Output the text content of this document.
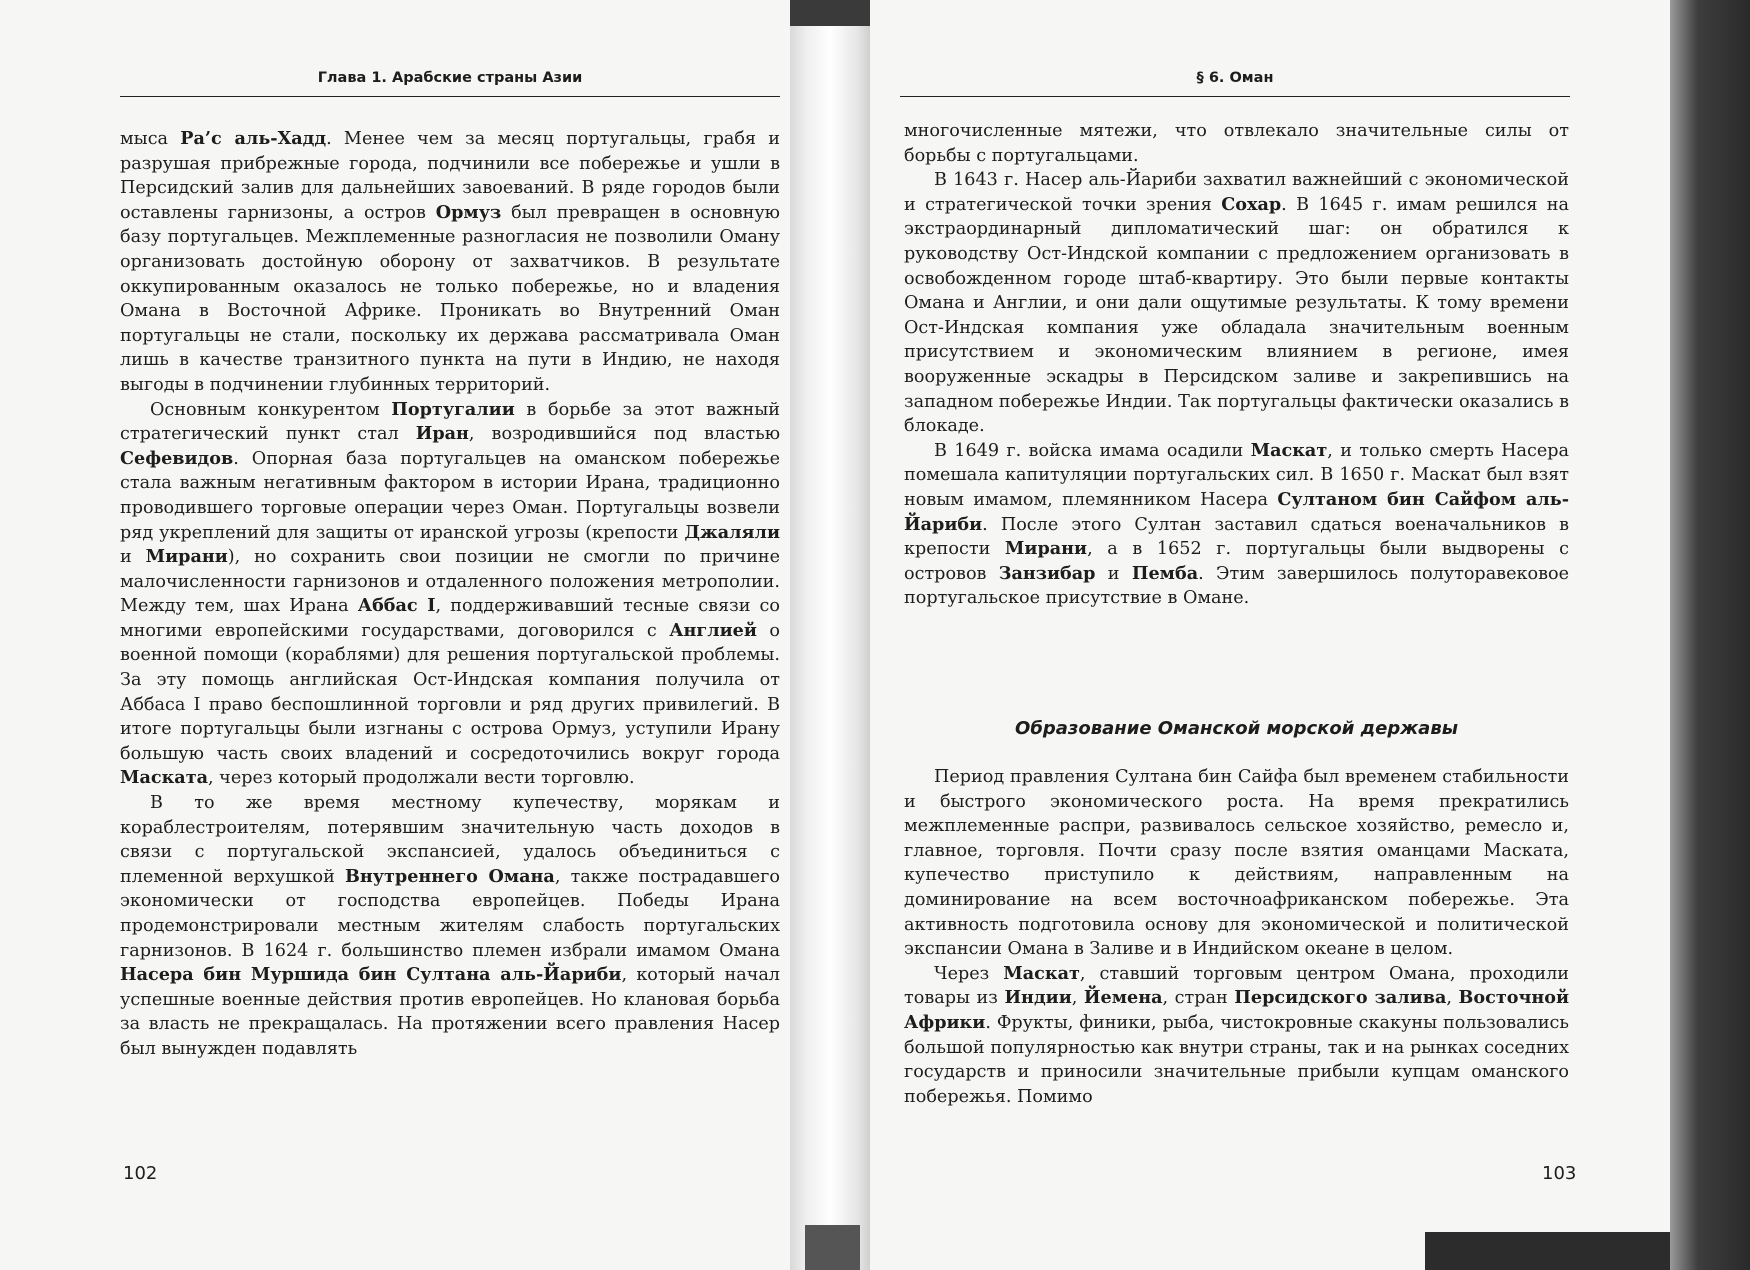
Глава 1. Арабские страны Азии

мыса Ра’с аль-Хадд. Менее чем за месяц португальцы, грабя и разрушая прибрежные города, подчинили все побережье и ушли в Персидский залив для дальнейших завоеваний. В ряде городов были оставлены гарнизоны, а остров Ормуз был превращен в основную базу португальцев. Межплеменные разногласия не позволили Оману организовать достойную оборону от захватчиков. В результате оккупированным оказалось не только побережье, но и владения Омана в Восточной Африке. Проникать во Внутренний Оман португальцы не стали, поскольку их держава рассматривала Оман лишь в качестве транзитного пункта на пути в Индию, не находя выгоды в подчинении глубинных территорий.

Основным конкурентом Португалии в борьбе за этот важный стратегический пункт стал Иран, возродившийся под властью Сефевидов. Опорная база португальцев на оманском побережье стала важным негативным фактором в истории Ирана, традиционно проводившего торговые операции через Оман. Португальцы возвели ряд укреплений для защиты от иранской угрозы (крепости Джаляли и Мирани), но сохранить свои позиции не смогли по причине малочисленности гарнизонов и отдаленного положения метрополии. Между тем, шах Ирана Аббас I, поддерживавший тесные связи со многими европейскими государствами, договорился с Англией о военной помощи (кораблями) для решения португальской проблемы. За эту помощь английская Ост-Индская компания получила от Аббаса I право беспошлинной торговли и ряд других привилегий. В итоге португальцы были изгнаны с острова Ормуз, уступили Ирану большую часть своих владений и сосредоточились вокруг города Маската, через который продолжали вести торговлю.

В то же время местному купечеству, морякам и кораблестроителям, потерявшим значительную часть доходов в связи с португальской экспансией, удалось объединиться с племенной верхушкой Внутреннего Омана, также пострадавшего экономически от господства европейцев. Победы Ирана продемонстрировали местным жителям слабость португальских гарнизонов. В 1624 г. большинство племен избрали имамом Омана Насера бин Муршида бин Султана аль-Йариби, который начал успешные военные действия против европейцев. Но клановая борьба за власть не прекращалась. На протяжении всего правления Насер был вынужден подавлять

102
§ 6. Оман

многочисленные мятежи, что отвлекало значительные силы от борьбы с португальцами.

В 1643 г. Насер аль-Йариби захватил важнейший с экономической и стратегической точки зрения Сохар. В 1645 г. имам решился на экстраординарный дипломатический шаг: он обратился к руководству Ост-Индской компании с предложением организовать в освобожденном городе штаб-квартиру. Это были первые контакты Омана и Англии, и они дали ощутимые результаты. К тому времени Ост-Индская компания уже обладала значительным военным присутствием и экономическим влиянием в регионе, имея вооруженные эскадры в Персидском заливе и закрепившись на западном побережье Индии. Так португальцы фактически оказались в блокаде.

В 1649 г. войска имама осадили Маскат, и только смерть Насера помешала капитуляции португальских сил. В 1650 г. Маскат был взят новым имамом, племянником Насера Султаном бин Сайфом аль-Йариби. После этого Султан заставил сдаться военачальников в крепости Мирани, а в 1652 г. португальцы были выдворены с островов Занзибар и Пемба. Этим завершилось полуторавековое португальское присутствие в Омане.

Образование Оманской морской державы

Период правления Султана бин Сайфа был временем стабильности и быстрого экономического роста. На время прекратились межплеменные распри, развивалось сельское хозяйство, ремесло и, главное, торговля. Почти сразу после взятия оманцами Маската, купечество приступило к действиям, направленным на доминирование на всем восточноафриканском побережье. Эта активность подготовила основу для экономической и политической экспансии Омана в Заливе и в Индийском океане в целом.

Через Маскат, ставший торговым центром Омана, проходили товары из Индии, Йемена, стран Персидского залива, Восточной Африки. Фрукты, финики, рыба, чистокровные скакуны пользовались большой популярностью как внутри страны, так и на рынках соседних государств и приносили значительные прибыли купцам оманского побережья. Помимо

103
